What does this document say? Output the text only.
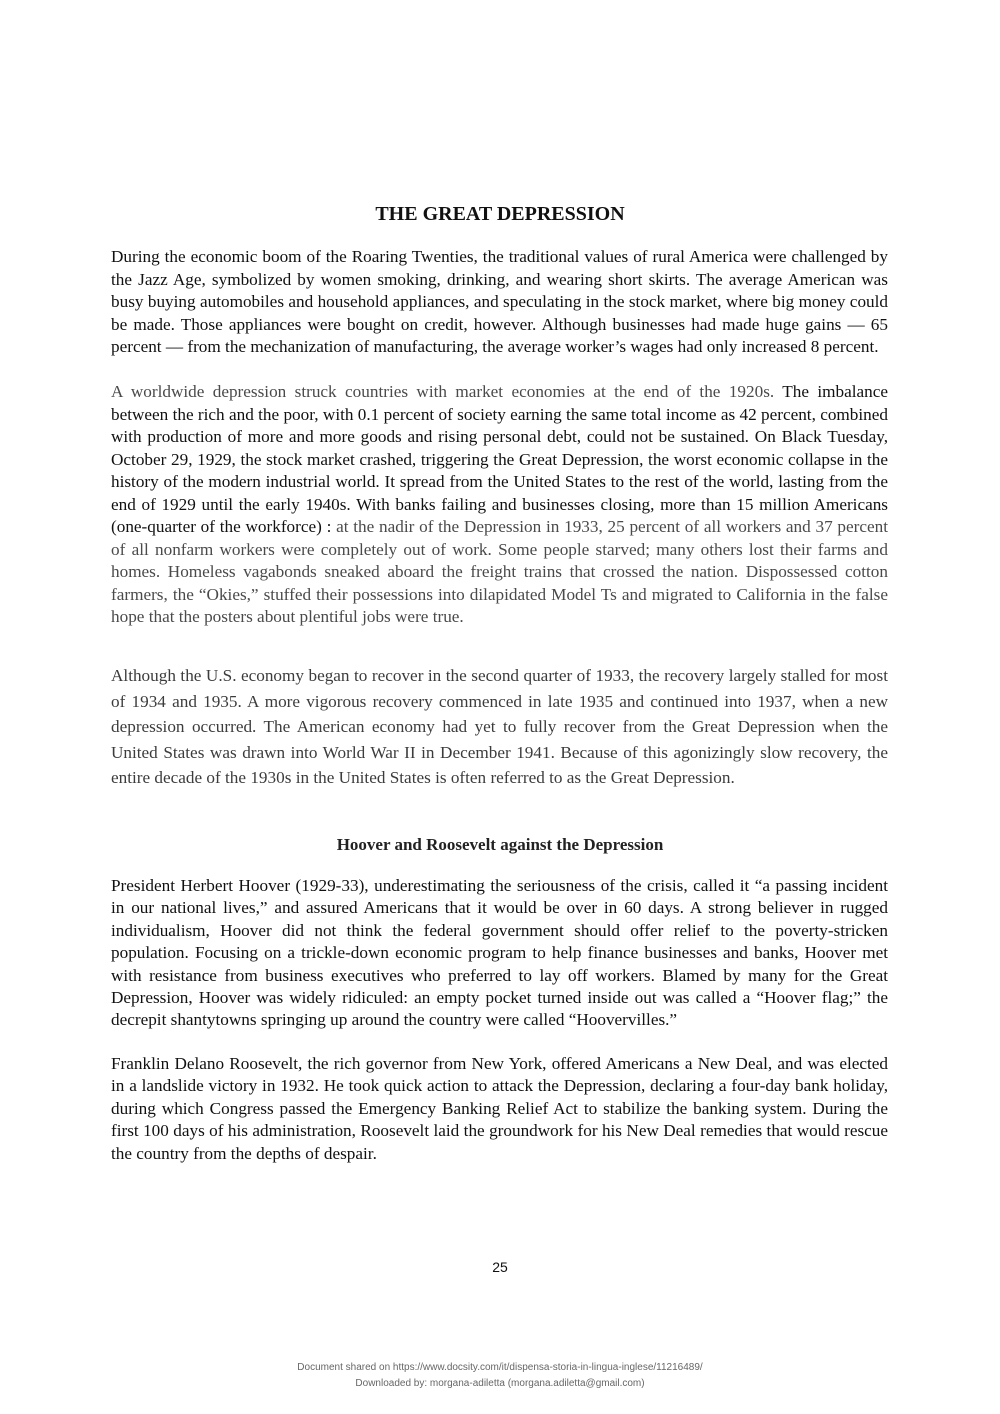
THE GREAT DEPRESSION

During the economic boom of the Roaring Twenties, the traditional values of rural America were challenged by the Jazz Age, symbolized by women smoking, drinking, and wearing short skirts. The average American was busy buying automobiles and household appliances, and speculating in the stock market, where big money could be made. Those appliances were bought on credit, however. Although businesses had made huge gains — 65 percent — from the mechanization of manufacturing, the average worker’s wages had only increased 8 percent.

A worldwide depression struck countries with market economies at the end of the 1920s. The imbalance between the rich and the poor, with 0.1 percent of society earning the same total income as 42 percent, combined with production of more and more goods and rising personal debt, could not be sustained. On Black Tuesday, October 29, 1929, the stock market crashed, triggering the Great Depression, the worst economic collapse in the history of the modern industrial world. It spread from the United States to the rest of the world, lasting from the end of 1929 until the early 1940s. With banks failing and businesses closing, more than 15 million Americans (one-quarter of the workforce) : at the nadir of the Depression in 1933, 25 percent of all workers and 37 percent of all nonfarm workers were completely out of work. Some people starved; many others lost their farms and homes. Homeless vagabonds sneaked aboard the freight trains that crossed the nation. Dispossessed cotton farmers, the “Okies,” stuffed their possessions into dilapidated Model Ts and migrated to California in the false hope that the posters about plentiful jobs were true.

Although the U.S. economy began to recover in the second quarter of 1933, the recovery largely stalled for most of 1934 and 1935. A more vigorous recovery commenced in late 1935 and continued into 1937, when a new depression occurred. The American economy had yet to fully recover from the Great Depression when the United States was drawn into World War II in December 1941. Because of this agonizingly slow recovery, the entire decade of the 1930s in the United States is often referred to as the Great Depression.

Hoover and Roosevelt against the Depression

President Herbert Hoover (1929-33), underestimating the seriousness of the crisis, called it “a passing incident in our national lives,” and assured Americans that it would be over in 60 days. A strong believer in rugged individualism, Hoover did not think the federal government should offer relief to the poverty-stricken population. Focusing on a trickle-down economic program to help finance businesses and banks, Hoover met with resistance from business executives who preferred to lay off workers. Blamed by many for the Great Depression, Hoover was widely ridiculed: an empty pocket turned inside out was called a “Hoover flag;” the decrepit shantytowns springing up around the country were called “Hoovervilles.”

Franklin Delano Roosevelt, the rich governor from New York, offered Americans a New Deal, and was elected in a landslide victory in 1932. He took quick action to attack the Depression, declaring a four-day bank holiday, during which Congress passed the Emergency Banking Relief Act to stabilize the banking system. During the first 100 days of his administration, Roosevelt laid the groundwork for his New Deal remedies that would rescue the country from the depths of despair.

25

Document shared on https://www.docsity.com/it/dispensa-storia-in-lingua-inglese/11216489/

Downloaded by: morgana-adiletta (morgana.adiletta@gmail.com)
